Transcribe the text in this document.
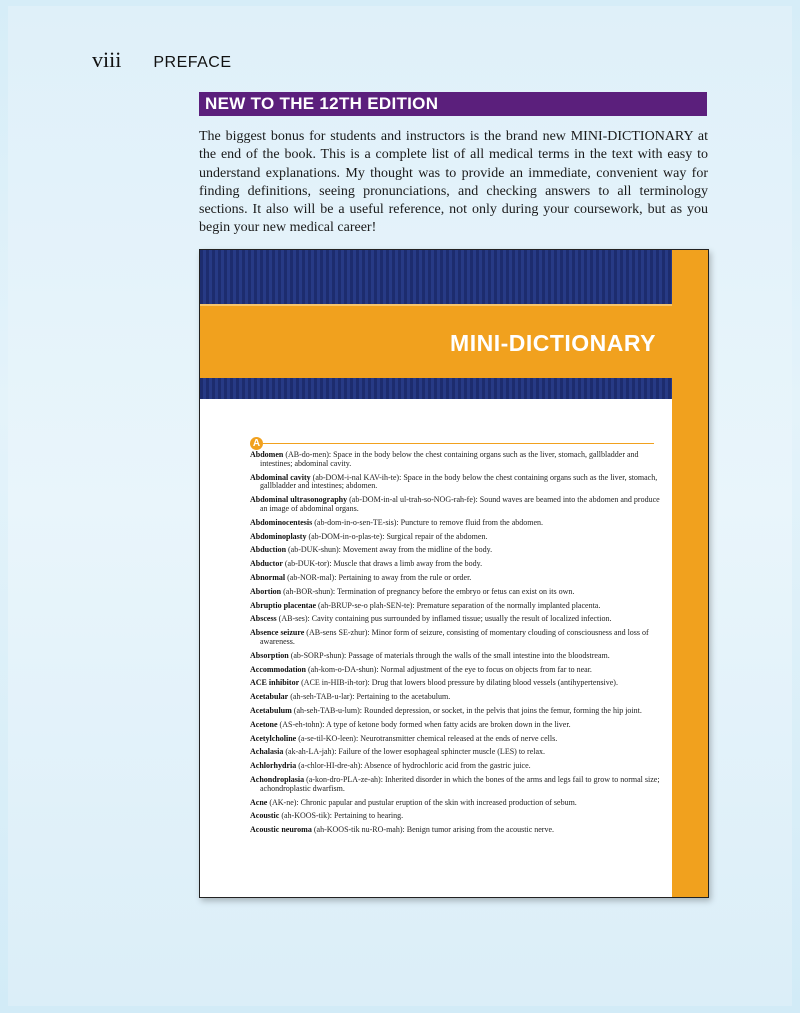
viii PREFACE
NEW TO THE 12TH EDITION

The biggest bonus for students and instructors is the brand new MINI-DICTIONARY at the end of the book. This is a complete list of all medical terms in the text with easy to understand explanations. My thought was to provide an immediate, convenient way for finding definitions, seeing pronunciations, and checking answers to all terminology sections. It also will be a useful reference, not only during your coursework, but as you begin your new medical career!

MINI-DICTIONARY
A
Abdomen (AB-do-men): Space in the body below the chest containing organs such as the liver, stomach, gallbladder and intestines; abdominal cavity.
Abdominal cavity (ab-DOM-i-nal KAV-ih-te): Space in the body below the chest containing organs such as the liver, stomach, gallbladder and intestines; abdomen.
Abdominal ultrasonography (ab-DOM-in-al ul-trah-so-NOG-rah-fe): Sound waves are beamed into the abdomen and produce an image of abdominal organs.
Abdominocentesis (ab-dom-in-o-sen-TE-sis): Puncture to remove fluid from the abdomen.
Abdominoplasty (ab-DOM-in-o-plas-te): Surgical repair of the abdomen.
Abduction (ab-DUK-shun): Movement away from the midline of the body.
Abductor (ab-DUK-tor): Muscle that draws a limb away from the body.
Abnormal (ab-NOR-mal): Pertaining to away from the rule or order.
Abortion (ah-BOR-shun): Termination of pregnancy before the embryo or fetus can exist on its own.
Abruptio placentae (ah-BRUP-se-o plah-SEN-te): Premature separation of the normally implanted placenta.
Abscess (AB-ses): Cavity containing pus surrounded by inflamed tissue; usually the result of localized infection.
Absence seizure (AB-sens SE-zhur): Minor form of seizure, consisting of momentary clouding of consciousness and loss of awareness.
Absorption (ab-SORP-shun): Passage of materials through the walls of the small intestine into the bloodstream.
Accommodation (ah-kom-o-DA-shun): Normal adjustment of the eye to focus on objects from far to near.
ACE inhibitor (ACE in-HIB-ih-tor): Drug that lowers blood pressure by dilating blood vessels (antihypertensive).
Acetabular (ah-seh-TAB-u-lar): Pertaining to the acetabulum.
Acetabulum (ah-seh-TAB-u-lum): Rounded depression, or socket, in the pelvis that joins the femur, forming the hip joint.
Acetone (AS-eh-tohn): A type of ketone body formed when fatty acids are broken down in the liver.
Acetylcholine (a-se-til-KO-leen): Neurotransmitter chemical released at the ends of nerve cells.
Achalasia (ak-ah-LA-jah): Failure of the lower esophageal sphincter muscle (LES) to relax.
Achlorhydria (a-chlor-HI-dre-ah): Absence of hydrochloric acid from the gastric juice.
Achondroplasia (a-kon-dro-PLA-ze-ah): Inherited disorder in which the bones of the arms and legs fail to grow to normal size; achondroplastic dwarfism.
Acne (AK-ne): Chronic papular and pustular eruption of the skin with increased production of sebum.
Acoustic (ah-KOOS-tik): Pertaining to hearing.
Acoustic neuroma (ah-KOOS-tik nu-RO-mah): Benign tumor arising from the acoustic nerve.
